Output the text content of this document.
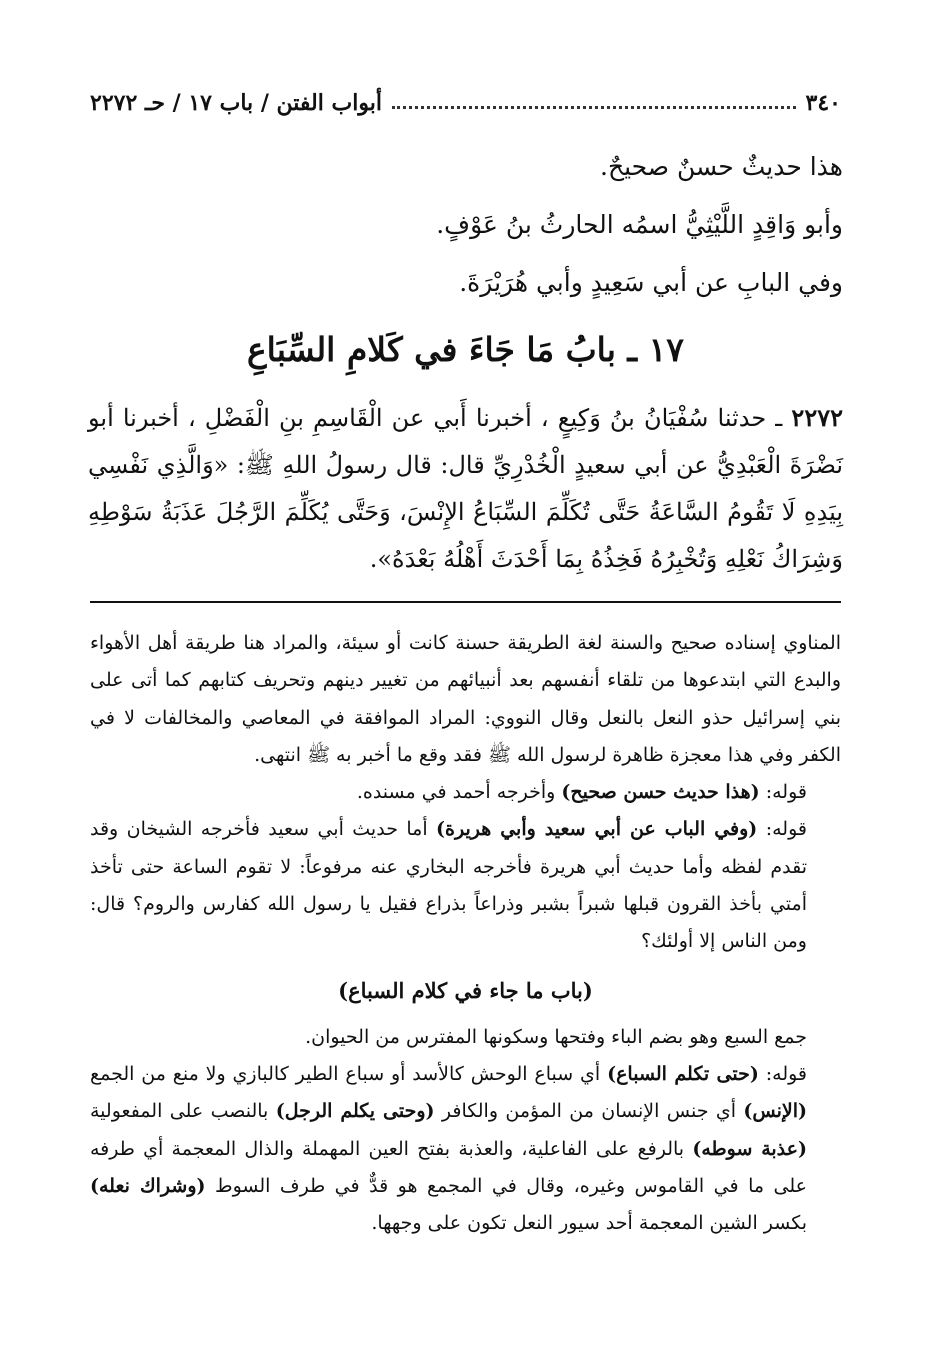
٣٤٠
أبواب الفتن / باب ١٧ / حـ ٢٢٧٢
هذا حديثٌ حسنٌ صحيحٌ.
وأبو وَاقِدٍ اللَّيْثِيُّ اسمُه الحارثُ بنُ عَوْفٍ.
وفي البابِ عن أبي سَعِيدٍ وأبي هُرَيْرَةَ.
١٧ ـ بابُ مَا جَاءَ في كَلامِ السِّبَاعِ
٢٢٧٢ ـ حدثنا سُفْيَانُ بنُ وَكِيعٍ ، أخبرنا أَبي عن الْقَاسِمِ بنِ الْفَضْلِ ، أخبرنا أبو نَضْرَةَ الْعَبْدِيُّ عن أبي سعيدٍ الْخُدْرِيِّ قال: قال رسولُ اللهِ ﷺ: «وَالَّذِي نَفْسِي بِيَدِهِ لَا تَقُومُ السَّاعَةُ حَتَّى تُكَلِّمَ السِّبَاعُ الإِنْسَ، وَحَتَّى يُكَلِّمَ الرَّجُلَ عَذَبَةُ سَوْطِهِ وَشِرَاكُ نَعْلِهِ وَتُخْبِرُهُ فَخِذُهُ بِمَا أَحْدَثَ أَهْلُهُ بَعْدَهُ».

المناوي إسناده صحيح والسنة لغة الطريقة حسنة كانت أو سيئة، والمراد هنا طريقة أهل الأهواء والبدع التي ابتدعوها من تلقاء أنفسهم بعد أنبيائهم من تغيير دينهم وتحريف كتابهم كما أتى على بني إسرائيل حذو النعل بالنعل وقال النووي: المراد الموافقة في المعاصي والمخالفات لا في الكفر وفي هذا معجزة ظاهرة لرسول الله ﷺ فقد وقع ما أخبر به ﷺ انتهى.

قوله: (هذا حديث حسن صحيح) وأخرجه أحمد في مسنده.

قوله: (وفي الباب عن أبي سعيد وأبي هريرة) أما حديث أبي سعيد فأخرجه الشيخان وقد تقدم لفظه وأما حديث أبي هريرة فأخرجه البخاري عنه مرفوعاً: لا تقوم الساعة حتى تأخذ أمتي بأخذ القرون قبلها شبراً بشبر وذراعاً بذراع فقيل يا رسول الله كفارس والروم؟ قال: ومن الناس إلا أولئك؟

(باب ما جاء في كلام السباع)

جمع السبع وهو بضم الباء وفتحها وسكونها المفترس من الحيوان.

قوله: (حتى تكلم السباع) أي سباع الوحش كالأسد أو سباع الطير كالبازي ولا منع من الجمع (الإنس) أي جنس الإنسان من المؤمن والكافر (وحتى يكلم الرجل) بالنصب على المفعولية (عذبة سوطه) بالرفع على الفاعلية، والعذبة بفتح العين المهملة والذال المعجمة أي طرفه على ما في القاموس وغيره، وقال في المجمع هو قدٌّ في طرف السوط (وشراك نعله) بكسر الشين المعجمة أحد سيور النعل تكون على وجهها.
